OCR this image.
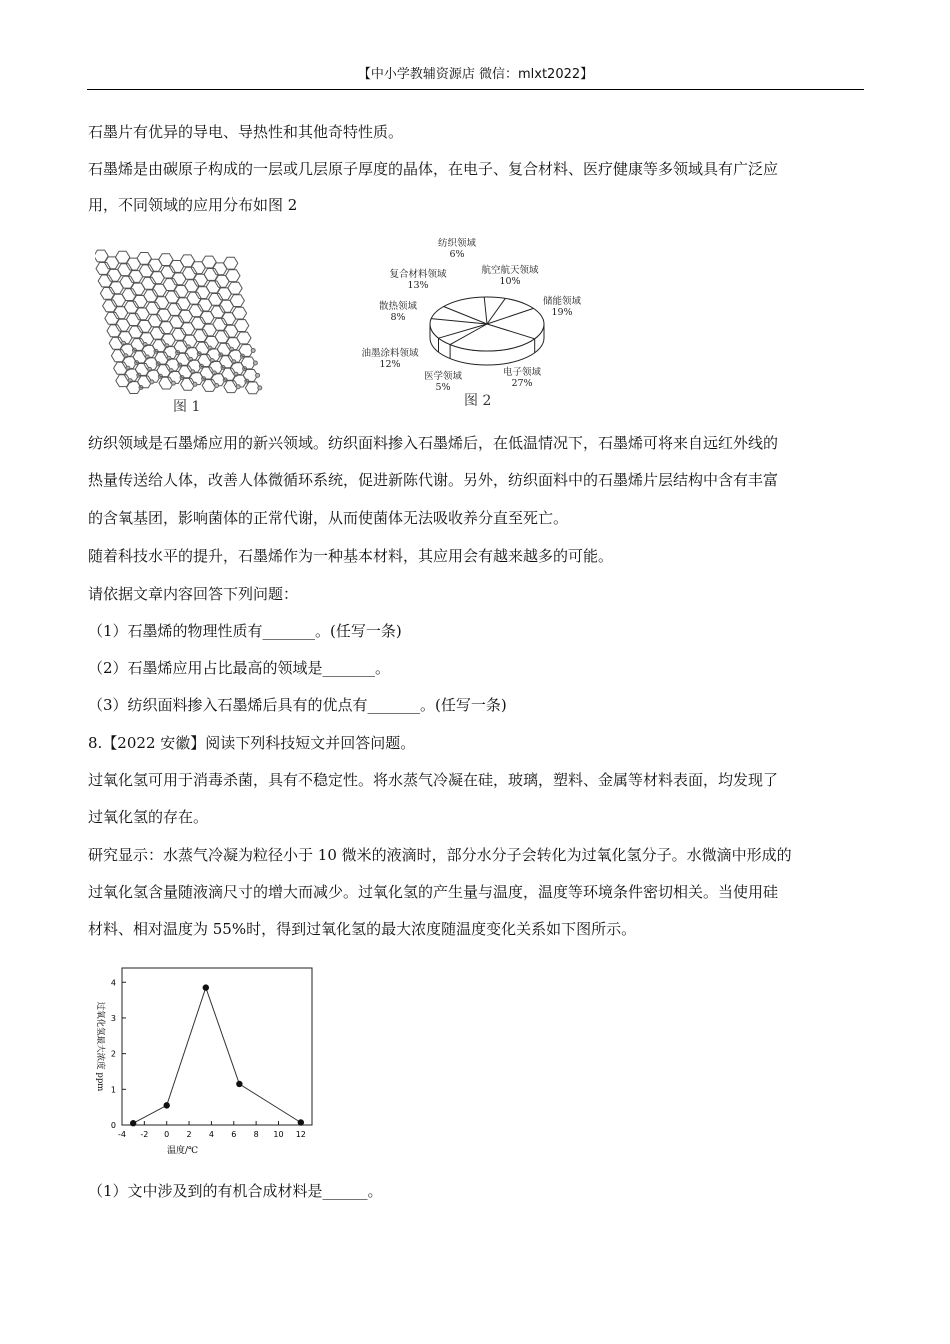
【中小学教辅资源店 微信：mlxt2022】
石墨片有优异的导电、导热性和其他奇特性质。
石墨烯是由碳原子构成的一层或几层原子厚度的晶体，在电子、复合材料、医疗健康等多领域具有广泛应
用，不同领域的应用分布如图 2
图 1
纺织领域
6%
航空航天领域
10%
储能领域
19%
电子领域
27%
医学领域
5%
油墨涂料领域
12%
散热领域
8%
复合材料领域
13%
图 2
纺织领域是石墨烯应用的新兴领域。纺织面料掺入石墨烯后，在低温情况下，石墨烯可将来自远红外线的
热量传送给人体，改善人体微循环系统，促进新陈代谢。另外，纺织面料中的石墨烯片层结构中含有丰富
的含氧基团，影响菌体的正常代谢，从而使菌体无法吸收养分直至死亡。
随着科技水平的提升，石墨烯作为一种基本材料，其应用会有越来越多的可能。
请依据文章内容回答下列问题：
（1）石墨烯的物理性质有_______。(任写一条)
（2）石墨烯应用占比最高的领域是_______。
（3）纺织面料掺入石墨烯后具有的优点有_______。(任写一条)
8.【2022 安徽】阅读下列科技短文并回答问题。
过氧化氢可用于消毒杀菌，具有不稳定性。将水蒸气冷凝在硅，玻璃，塑料、金属等材料表面，均发现了
过氧化氢的存在。
研究显示：水蒸气冷凝为粒径小于 10 微米的液滴时，部分水分子会转化为过氧化氢分子。水微滴中形成的
过氧化氢含量随液滴尺寸的增大而减少。过氧化氢的产生量与温度，温度等环境条件密切相关。当使用硅
材料、相对温度为 55%时，得到过氧化氢的最大浓度随温度变化关系如下图所示。
0
1
2
3
4
-4 -2 0 2 4 6 8 10 12
温度/℃
过氧化氢最大浓度 ppm
（1）文中涉及到的有机合成材料是______。
